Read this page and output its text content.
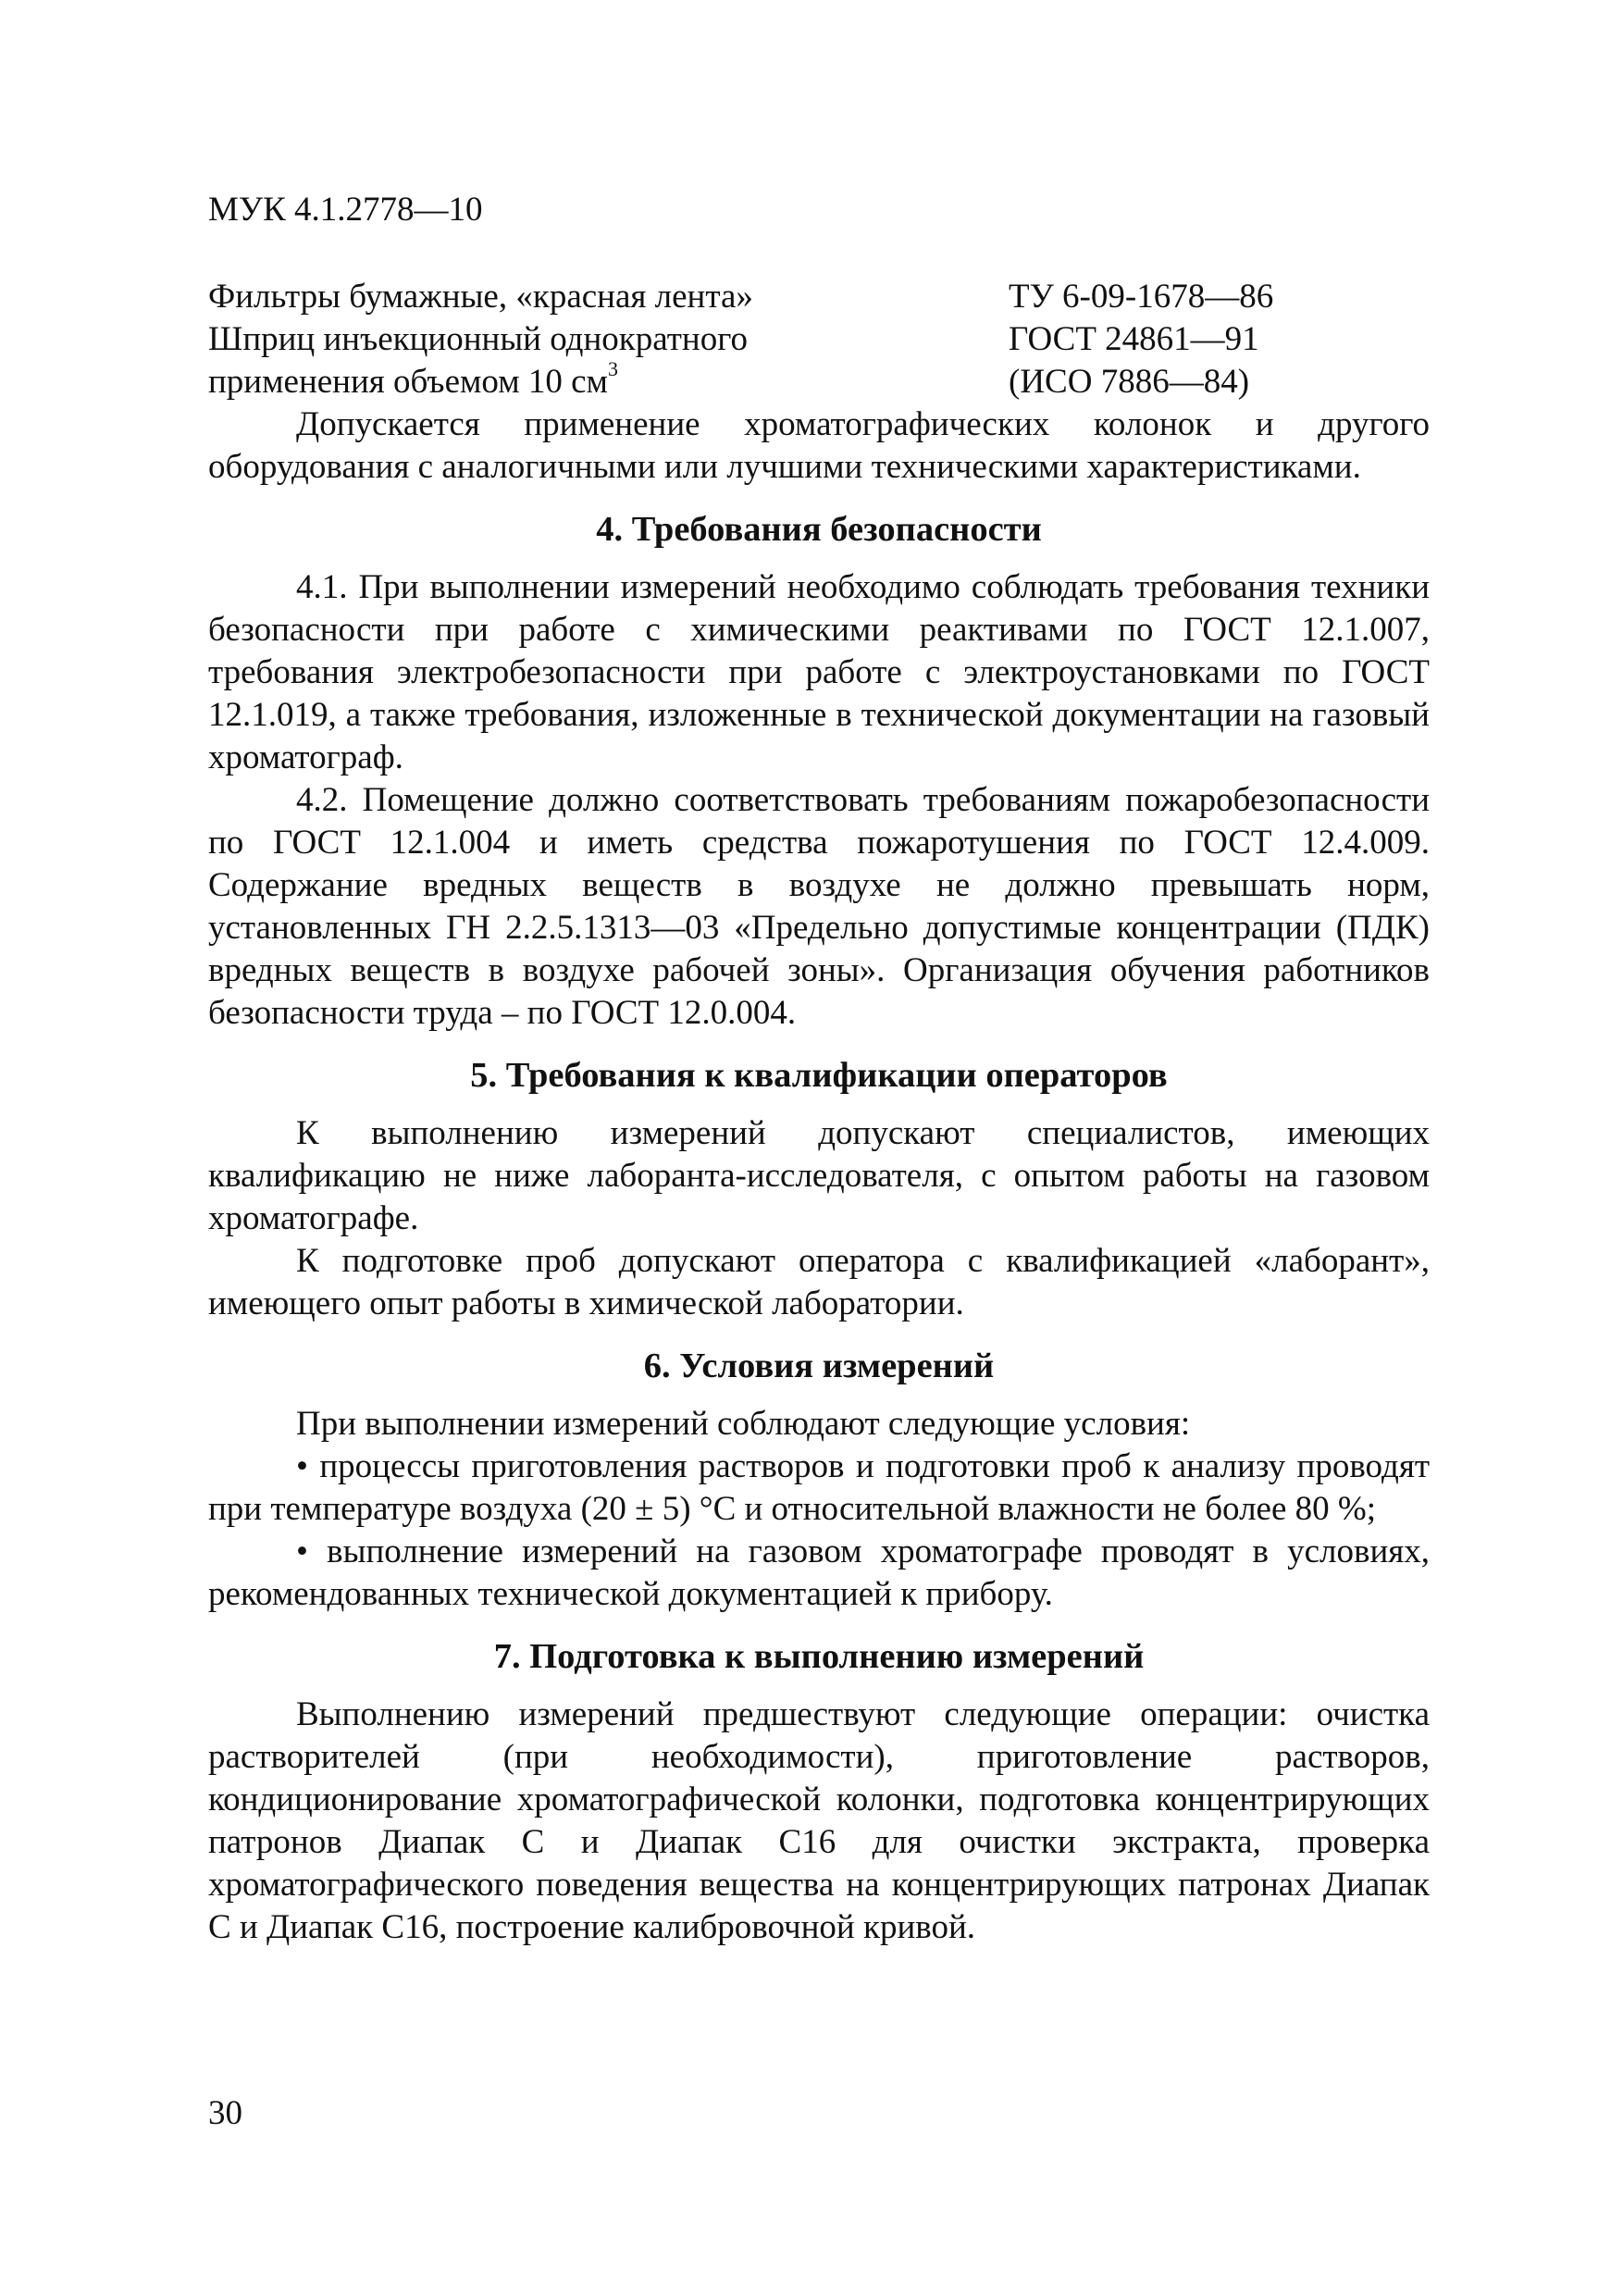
МУК 4.1.2778—10
Фильтры бумажные, «красная лента»	ТУ 6-09-1678—86
Шприц инъекционный однократного	ГОСТ 24861—91
применения объемом 10 $см^3$	(ИСО 7886—84)

Допускается применение хроматографических колонок и другого оборудования с аналогичными или лучшими техническими характеристиками.

4. Требования безопасности

4.1. При выполнении измерений необходимо соблюдать требования техники безопасности при работе с химическими реактивами по ГОСТ 12.1.007, требования электробезопасности при работе с электроустановками по ГОСТ 12.1.019, а также требования, изложенные в технической документации на газовый хроматограф.

4.2. Помещение должно соответствовать требованиям пожаробезопасности по ГОСТ 12.1.004 и иметь средства пожаротушения по ГОСТ 12.4.009. Содержание вредных веществ в воздухе не должно превышать норм, установленных ГН 2.2.5.1313—03 «Предельно допустимые концентрации (ПДК) вредных веществ в воздухе рабочей зоны». Организация обучения работников безопасности труда – по ГОСТ 12.0.004.

5. Требования к квалификации операторов

К выполнению измерений допускают специалистов, имеющих квалификацию не ниже лаборанта-исследователя, с опытом работы на газовом хроматографе.

К подготовке проб допускают оператора с квалификацией «лаборант», имеющего опыт работы в химической лаборатории.

6. Условия измерений

При выполнении измерений соблюдают следующие условия:

• процессы приготовления растворов и подготовки проб к анализу проводят при температуре воздуха (20 ± 5) °С и относительной влажности не более 80 %;

• выполнение измерений на газовом хроматографе проводят в условиях, рекомендованных технической документацией к прибору.

7. Подготовка к выполнению измерений

Выполнению измерений предшествуют следующие операции: очистка растворителей (при необходимости), приготовление растворов, кондиционирование хроматографической колонки, подготовка концентрирующих патронов Диапак С и Диапак С16 для очистки экстракта, проверка хроматографического поведения вещества на концентрирующих патронах Диапак С и Диапак С16, построение калибровочной кривой.

30
